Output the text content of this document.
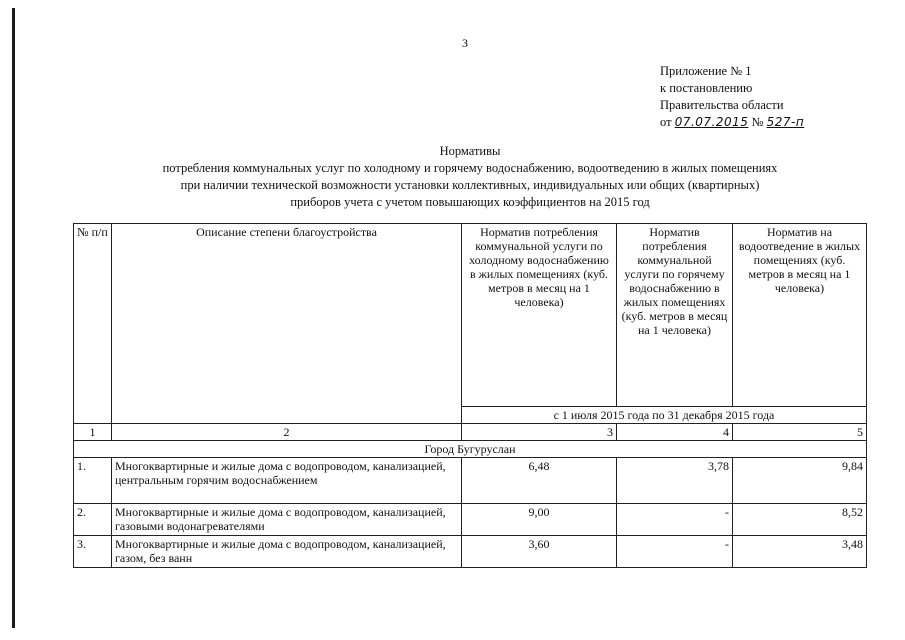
3
Приложение № 1
к постановлению
Правительства области
от 07.07.2015 № 527-п
Нормативы
потребления коммунальных услуг по холодному и горячему водоснабжению, водоотведению в жилых помещениях
при наличии технической возможности установки коллективных, индивидуальных или общих (квартирных)
приборов учета с учетом повышающих коэффициентов на 2015 год
№ п/п	Описание степени благоустройства	Норматив потребления коммунальной услуги по холодному водоснабжению в жилых помещениях (куб. метров в месяц на 1 человека)	Норматив потребления коммунальной услуги по горячему водоснабжению в жилых помещениях (куб. метров в месяц на 1 человека)	Норматив на водоотведение в жилых помещениях (куб. метров в месяц на 1 человека)
		с 1 июля 2015 года по 31 декабря 2015 года		
1	2	3	4	5
Город Бугуруслан				
1.	Многоквартирные и жилые дома с водопроводом, канализацией, центральным горячим водоснабжением	6,48	3,78	9,84
2.	Многоквартирные и жилые дома с водопроводом, канализацией, газовыми водонагревателями	9,00	-	8,52
3.	Многоквартирные и жилые дома с водопроводом, канализацией, газом, без ванн	3,60	-	3,48
